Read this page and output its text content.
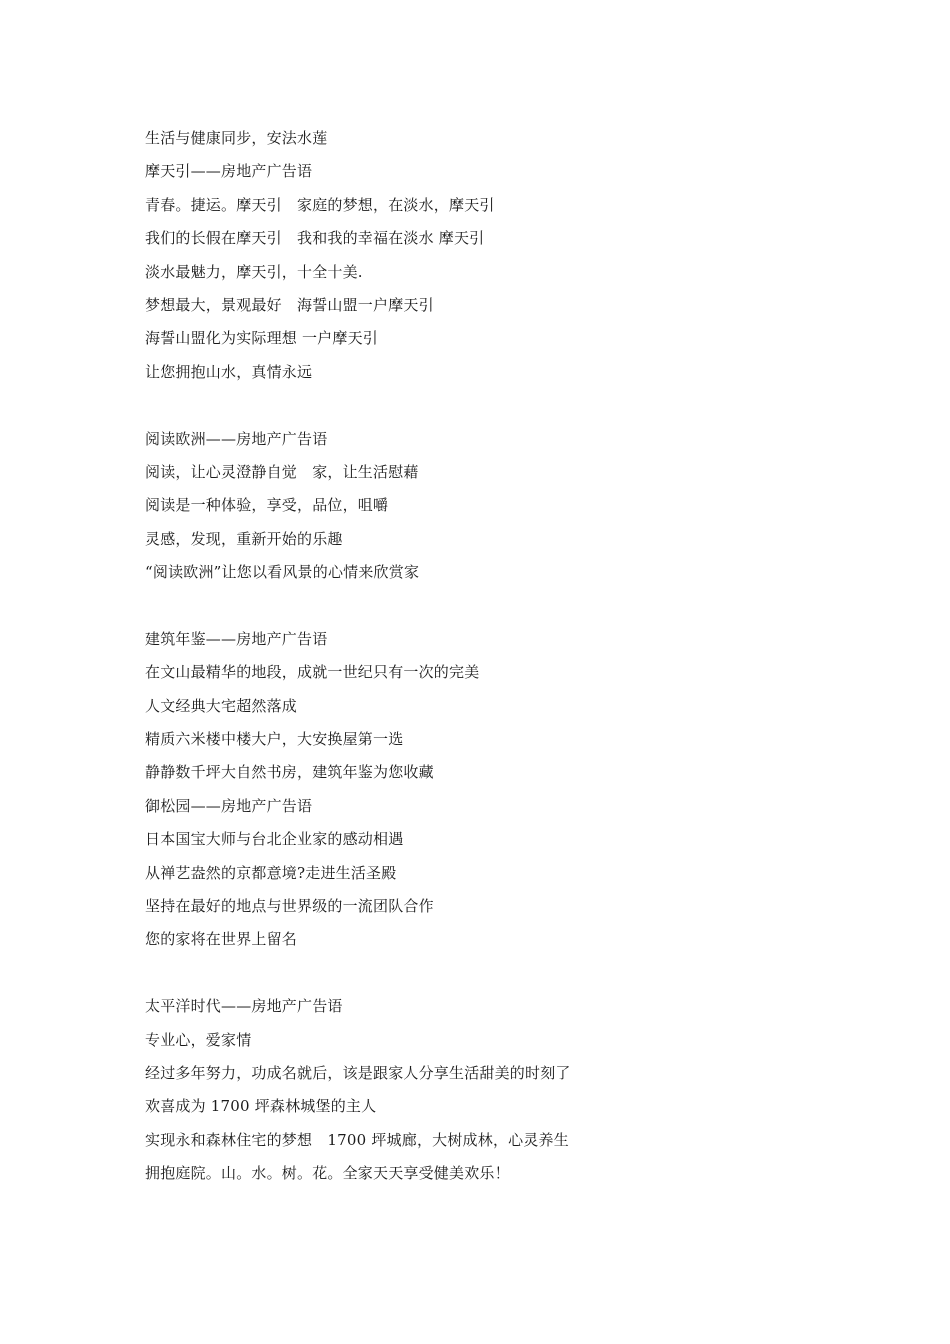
生活与健康同步，安法水莲
摩天引——房地产广告语
青春。捷运。摩天引　家庭的梦想，在淡水，摩天引
我们的长假在摩天引　我和我的幸福在淡水 摩天引
淡水最魅力，摩天引，十全十美.
梦想最大，景观最好　海誓山盟一户摩天引
海誓山盟化为实际理想 一户摩天引
让您拥抱山水，真情永远
阅读欧洲——房地产广告语
阅读，让心灵澄静自觉　家，让生活慰藉
阅读是一种体验，享受，品位，咀嚼
灵感，发现，重新开始的乐趣
“阅读欧洲”让您以看风景的心情来欣赏家
建筑年鉴——房地产广告语
在文山最精华的地段，成就一世纪只有一次的完美
人文经典大宅超然落成
精质六米楼中楼大户，大安换屋第一选
静静数千坪大自然书房，建筑年鉴为您收藏
御松园——房地产广告语
日本国宝大师与台北企业家的感动相遇
从禅艺盎然的京都意境?走进生活圣殿
坚持在最好的地点与世界级的一流团队合作
您的家将在世界上留名
太平洋时代——房地产广告语
专业心，爱家情
经过多年努力，功成名就后，该是跟家人分享生活甜美的时刻了
欢喜成为 1700 坪森林城堡的主人
实现永和森林住宅的梦想　1700 坪城廊，大树成林，心灵养生
拥抱庭院。山。水。树。花。全家天天享受健美欢乐！
